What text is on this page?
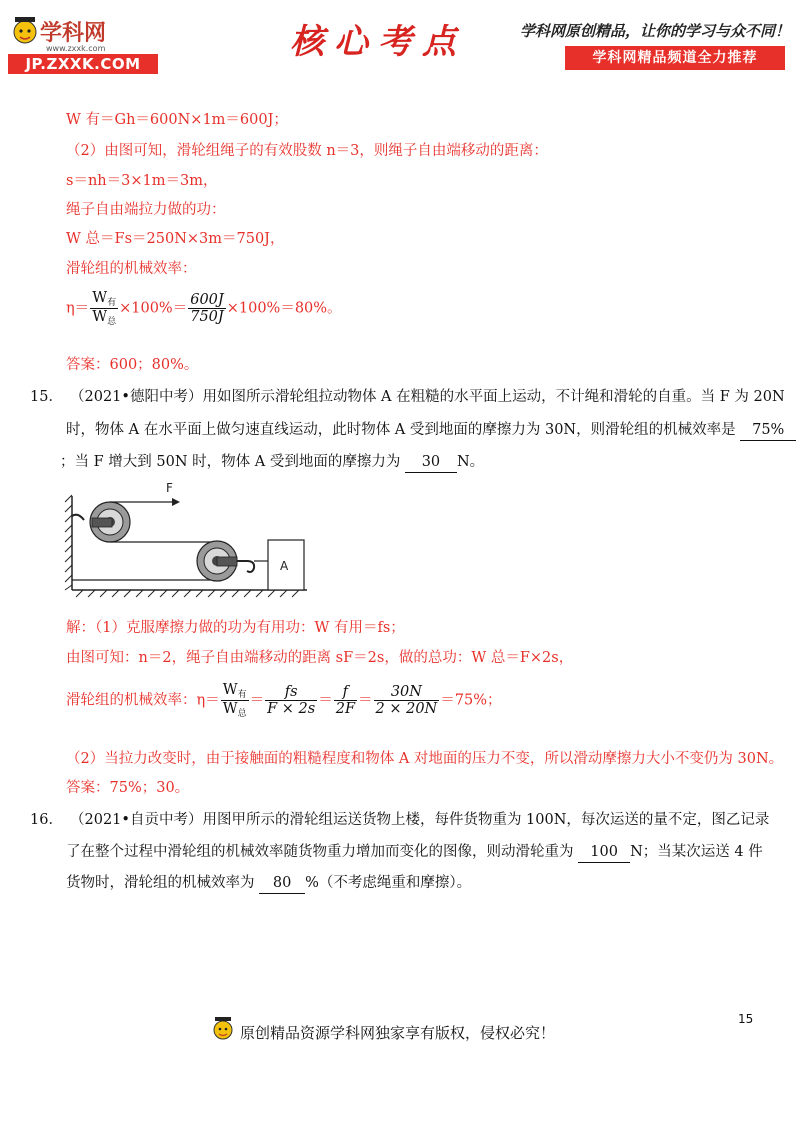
学科网
www.zxxk.com
JP.ZXXK.COM
核心考点	学科网原创精品，让你的学习与众不同！
学科网精品频道全力推荐
W 有＝Gh＝600N×1m＝600J；
（2）由图可知，滑轮组绳子的有效股数 n＝3，则绳子自由端移动的距离：
s＝nh＝3×1m＝3m，
绳子自由端拉力做的功：
W 总＝Fs＝250N×3m＝750J，
滑轮组的机械效率：
$\eta= \frac{W_有}{W_总} \times 100\%= \frac{600J}{750J} \times 100\%=80\%$。
答案：600；80%。
15． （2021•德阳中考）用如图所示滑轮组拉动物体 A 在粗糙的水平面上运动，不计绳和滑轮的自重。当 F 为 20N
时，物体 A 在水平面上做匀速直线运动，此时物体 A 受到地面的摩擦力为 30N，则滑轮组的机械效率是 75%
；当 F 增大到 50N 时，物体 A 受到地面的摩擦力为 30 N。
F
A
解：（1）克服摩擦力做的功为有用功：W 有用＝fs；
由图可知：n＝2，绳子自由端移动的距离 sF＝2s，做的总功：W 总＝F×2s，
滑轮组的机械效率：$\eta= \frac{W_有}{W_总} = \frac{fs}{F \times 2s} = \frac{f}{2F} = \frac{30N}{2 \times 20N} =75\%$；
（2）当拉力改变时，由于接触面的粗糙程度和物体 A 对地面的压力不变，所以滑动摩擦力大小不变仍为 30N。
答案：75%；30。
16． （2021•自贡中考）用图甲所示的滑轮组运送货物上楼，每件货物重为 100N，每次运送的量不定，图乙记录
了在整个过程中滑轮组的机械效率随货物重力增加而变化的图像，则动滑轮重为 100 N；当某次运送 4 件
货物时，滑轮组的机械效率为 80 %（不考虑绳重和摩擦）。
15
原创精品资源学科网独家享有版权，侵权必究！
